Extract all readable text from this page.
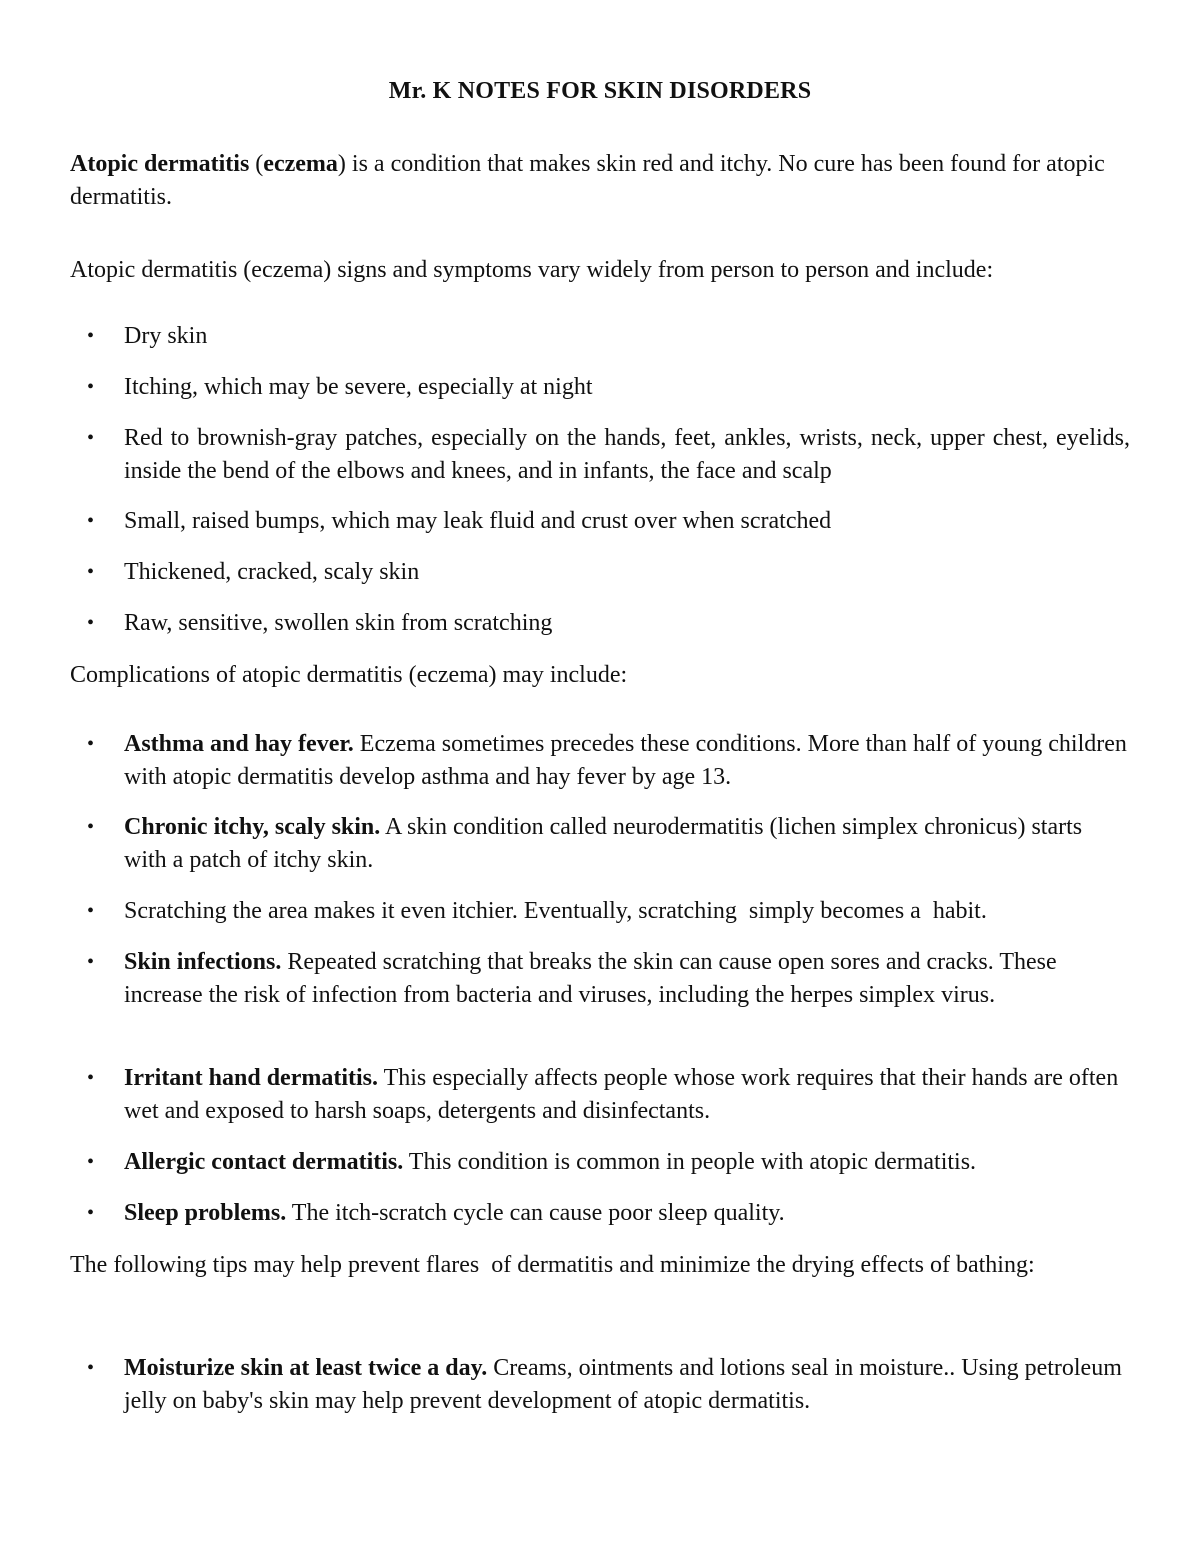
Mr. K NOTES FOR SKIN DISORDERS
Atopic dermatitis (eczema) is a condition that makes skin red and itchy. No cure has been found for atopic dermatitis.
Atopic dermatitis (eczema) signs and symptoms vary widely from person to person and include:
• Dry skin
• Itching, which may be severe, especially at night
• Red to brownish-gray patches, especially on the hands, feet, ankles, wrists, neck, upper chest, eyelids, inside the bend of the elbows and knees, and in infants, the face and scalp
• Small, raised bumps, which may leak fluid and crust over when scratched
• Thickened, cracked, scaly skin
• Raw, sensitive, swollen skin from scratching
Complications of atopic dermatitis (eczema) may include:
• Asthma and hay fever. Eczema sometimes precedes these conditions. More than half of young children with atopic dermatitis develop asthma and hay fever by age 13.
• Chronic itchy, scaly skin. A skin condition called neurodermatitis (lichen simplex chronicus) starts with a patch of itchy skin.
• Scratching the area makes it even itchier. Eventually, scratching  simply becomes a  habit.
• Skin infections. Repeated scratching that breaks the skin can cause open sores and cracks. These increase the risk of infection from bacteria and viruses, including the herpes simplex virus.
• Irritant hand dermatitis. This especially affects people whose work requires that their hands are often wet and exposed to harsh soaps, detergents and disinfectants.
• Allergic contact dermatitis. This condition is common in people with atopic dermatitis.
• Sleep problems. The itch-scratch cycle can cause poor sleep quality.
The following tips may help prevent flares  of dermatitis and minimize the drying effects of bathing:
• Moisturize skin at least twice a day. Creams, ointments and lotions seal in moisture.. Using petroleum jelly on baby's skin may help prevent development of atopic dermatitis.
